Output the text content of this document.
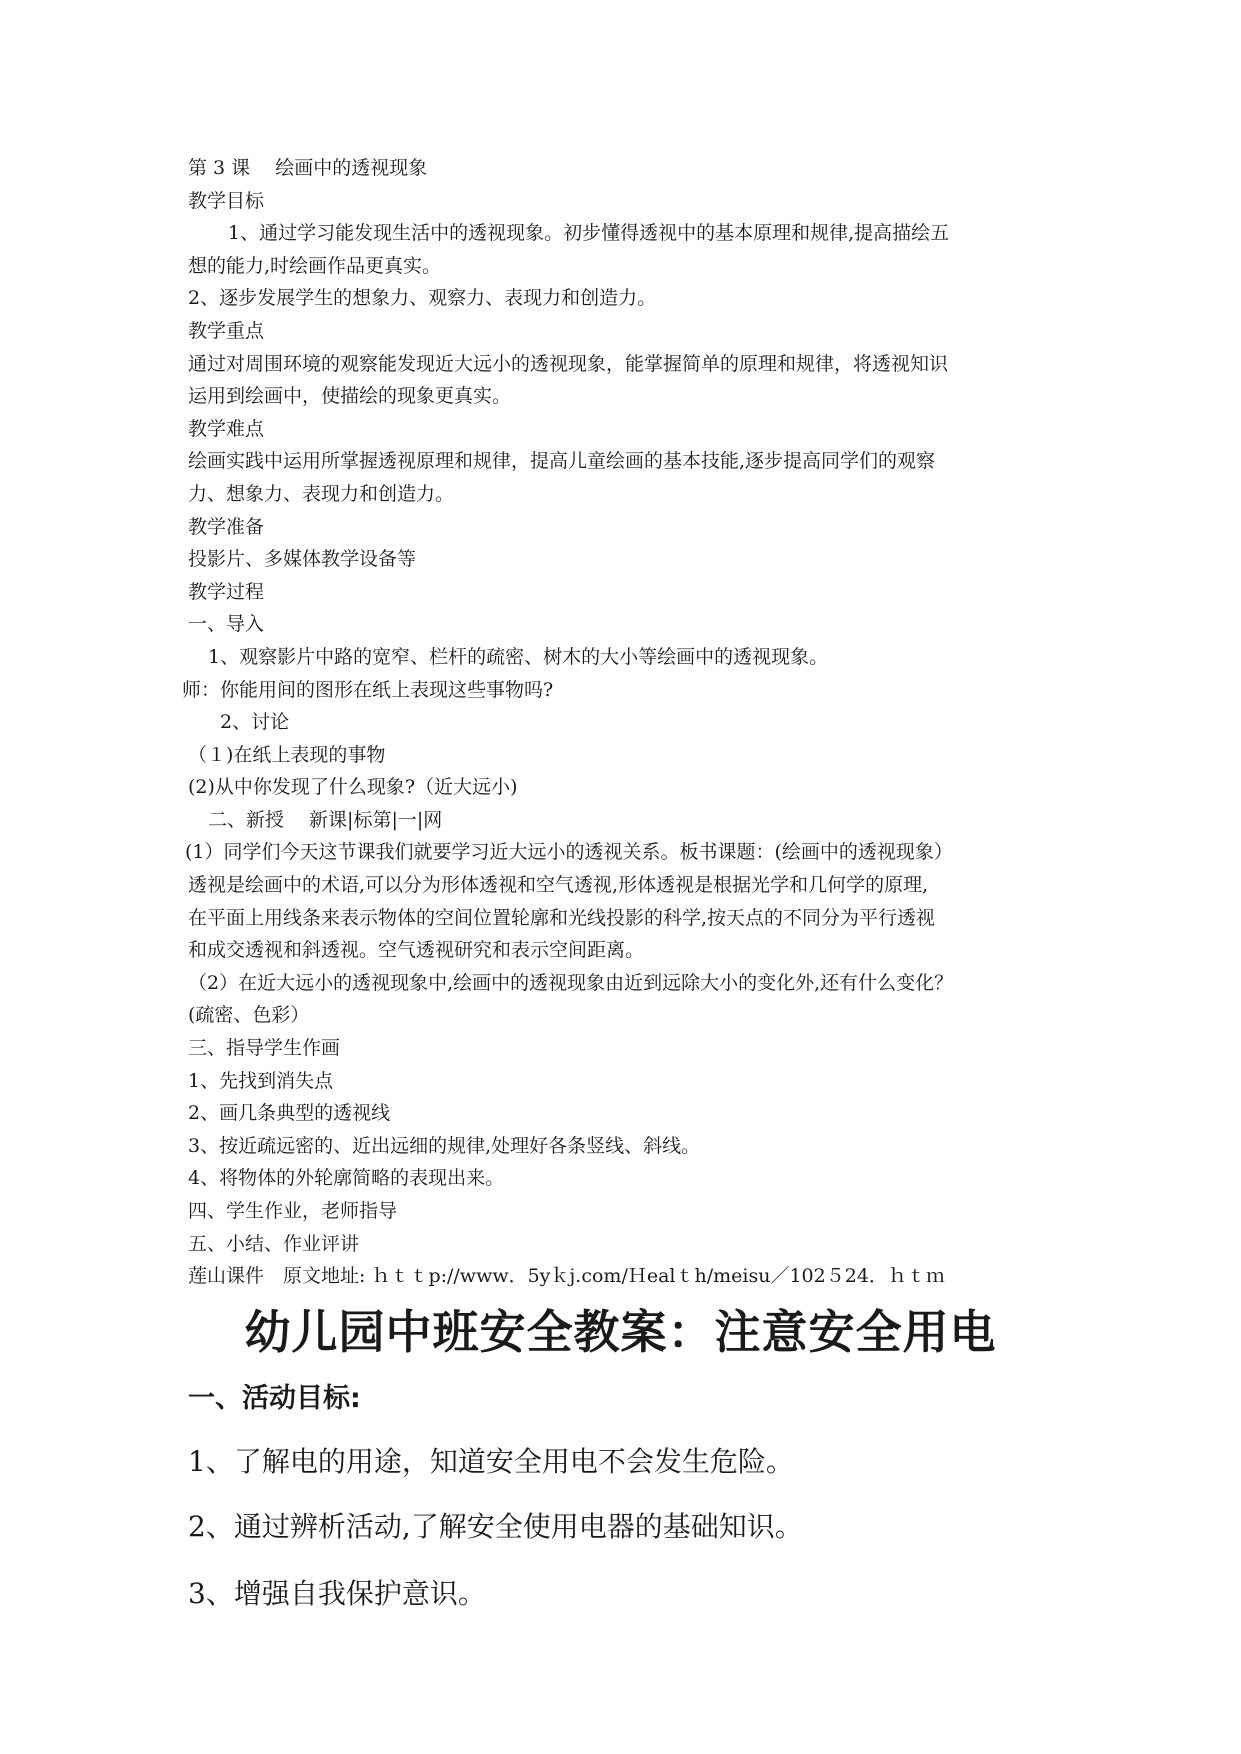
第 3 课　 绘画中的透视现象

教学目标

1、通过学习能发现生活中的透视现象。初步懂得透视中的基本原理和规律,提高描绘五

想的能力,时绘画作品更真实。

2、逐步发展学生的想象力、观察力、表现力和创造力。

教学重点

通过对周围环境的观察能发现近大远小的透视现象，能掌握简单的原理和规律，将透视知识

运用到绘画中，使描绘的现象更真实。

教学难点

绘画实践中运用所掌握透视原理和规律，提高儿童绘画的基本技能,逐步提高同学们的观察

力、想象力、表现力和创造力。

教学准备

投影片、多媒体教学设备等

教学过程

一、导入

1、观察影片中路的宽窄、栏杆的疏密、树木的大小等绘画中的透视现象。

师：你能用间的图形在纸上表现这些事物吗?

2、讨论

（１)在纸上表现的事物

(2)从中你发现了什么现象?（近大远小)

二、新授　 新课|标第|一|网

(1）同学们今天这节课我们就要学习近大远小的透视关系。板书课题：(绘画中的透视现象）

透视是绘画中的术语,可以分为形体透视和空气透视,形体透视是根据光学和几何学的原理,

在平面上用线条来表示物体的空间位置轮廓和光线投影的科学,按天点的不同分为平行透视

和成交透视和斜透视。空气透视研究和表示空间距离。

（2）在近大远小的透视现象中,绘画中的透视现象由近到远除大小的变化外,还有什么变化？

(疏密、色彩）

三、指导学生作画

1、先找到消失点

2、画几条典型的透视线

3、按近疏远密的、近出远细的规律,处理好各条竖线、斜线。

4、将物体的外轮廓简略的表现出来。

四、学生作业，老师指导

五、小结、作业评讲

莲山课件　原文地址: ｈｔｔp://www．5yｋj.com/Ｈealｔh/meisu／102５24．ｈｔｍ

幼儿园中班安全教案：注意安全用电
一、活动目标:

1、了解电的用途，知道安全用电不会发生危险。

2、通过辨析活动,了解安全使用电器的基础知识。

3、增强自我保护意识。
